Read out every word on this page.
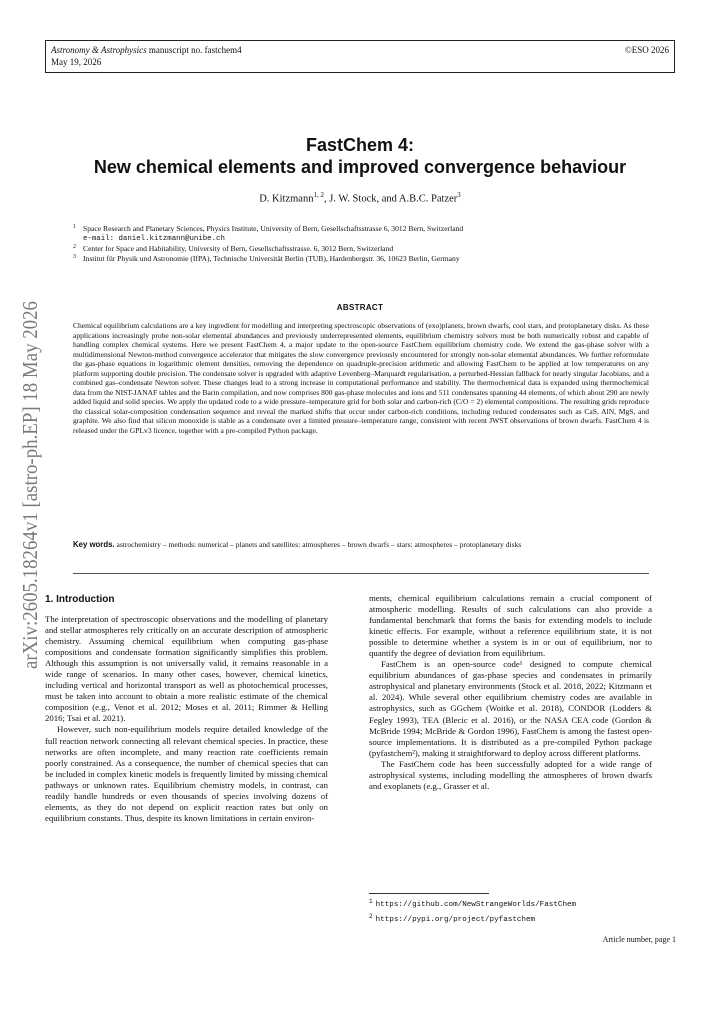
Astronomy & Astrophysics manuscript no. fastchem4
May 19, 2026
©ESO 2026
arXiv:2605.18264v1 [astro-ph.EP] 18 May 2026
FastChem 4:
New chemical elements and improved convergence behaviour
D. Kitzmann$^{1, 2}$, J. W. Stock, and A.B.C. Patzer$^3$
1 Space Research and Planetary Sciences, Physics Institute, University of Bern, Gesellschaftsstrasse 6, 3012 Bern, Switzerland
e-mail: daniel.kitzmann@unibe.ch
2 Center for Space and Habitability, University of Bern, Gesellschaftsstrasse. 6, 3012 Bern, Switzerland
3 Institut für Physik und Astronomie (IfPA), Technische Universität Berlin (TUB), Hardenbergstr. 36, 10623 Berlin, Germany
ABSTRACT
Chemical equilibrium calculations are a key ingredient for modelling and interpreting spectroscopic observations of (exo)planets, brown dwarfs, cool stars, and protoplanetary disks. As these applications increasingly probe non-solar elemental abundances and previously underrepresented elements, equilibrium chemistry solvers must be both numerically robust and capable of handling complex chemical systems. Here we present FastChem 4, a major update to the open-source FastChem equilibrium chemistry code. We extend the gas-phase solver with a multidimensional Newton-method convergence accelerator that mitigates the slow convergence previously encountered for strongly non-solar elemental abundances. We further reformulate the gas-phase equations in logarithmic element densities, removing the dependence on quadruple-precision arithmetic and allowing FastChem to be applied at low temperatures on any platform supporting double precision. The condensate solver is upgraded with adaptive Levenberg–Marquardt regularisation, a perturbed-Hessian fallback for nearly singular Jacobians, and a combined gas–condensate Newton solver. These changes lead to a strong increase in computational performance and stability. The thermochemical data is expanded using thermochemical data from the NIST-JANAF tables and the Barin compilation, and now comprises 800 gas-phase molecules and ions and 511 condensates spanning 44 elements, of which about 290 are newly added liquid and solid species. We apply the updated code to a wide pressure–temperature grid for both solar and carbon-rich (C/O = 2) elemental compositions. The resulting grids reproduce the classical solar-composition condensation sequence and reveal the marked shifts that occur under carbon-rich conditions, including reduced condensates such as CaS, AlN, MgS, and graphite. We also find that silicon monoxide is stable as a condensate over a limited pressure–temperature range, consistent with recent JWST observations of brown dwarfs. FastChem 4 is released under the GPLv3 licence, together with a pre-compiled Python package.
Key words. astrochemistry – methods: numerical – planets and satellites: atmospheres – brown dwarfs – stars: atmospheres – protoplanetary disks
1. Introduction

The interpretation of spectroscopic observations and the modelling of planetary and stellar atmospheres rely critically on an accurate description of atmospheric chemistry. Assuming chemical equilibrium when computing gas-phase compositions and condensate formation significantly simplifies this problem. Although this assumption is not universally valid, it remains reasonable in a wide range of scenarios. In many other cases, however, chemical kinetics, including vertical and horizontal transport as well as photochemical processes, must be taken into account to obtain a more realistic estimate of the chemical composition (e.g., Venot et al. 2012; Moses et al. 2011; Rimmer & Helling 2016; Tsai et al. 2021).

However, such non-equilibrium models require detailed knowledge of the full reaction network connecting all relevant chemical species. In practice, these networks are often incomplete, and many reaction rate coefficients remain poorly constrained. As a consequence, the number of chemical species that can be included in complex kinetic models is frequently limited by missing chemical pathways or unknown rates. Equilibrium chemistry models, in contrast, can readily handle hundreds or even thousands of species involving dozens of elements, as they do not depend on explicit reaction rates but only on equilibrium constants. Thus, despite its known limitations in certain environ-

ments, chemical equilibrium calculations remain a crucial component of atmospheric modelling. Results of such calculations can also provide a fundamental benchmark that forms the basis for extending models to include kinetic effects. For example, without a reference equilibrium state, it is not possible to determine whether a system is in or out of equilibrium, nor to quantify the degree of deviation from equilibrium.

FastChem is an open-source code¹ designed to compute chemical equilibrium abundances of gas-phase species and condensates in primarily astrophysical and planetary environments (Stock et al. 2018, 2022; Kitzmann et al. 2024). While several other equilibrium chemistry codes are available in astrophysics, such as GGchem (Woitke et al. 2018), CONDOR (Lodders & Fegley 1993), TEA (Blecic et al. 2016), or the NASA CEA code (Gordon & McBride 1994; McBride & Gordon 1996), FastChem is among the fastest open-source implementations. It is distributed as a pre-compiled Python package (pyfastchem²), making it straightforward to deploy across different platforms.

The FastChem code has been successfully adopted for a wide range of astrophysical systems, including modelling the atmospheres of brown dwarfs and exoplanets (e.g., Grasser et al.

$^1$ https://github.com/NewStrangeWorlds/FastChem
$^2$ https://pypi.org/project/pyfastchem
Article number, page 1
